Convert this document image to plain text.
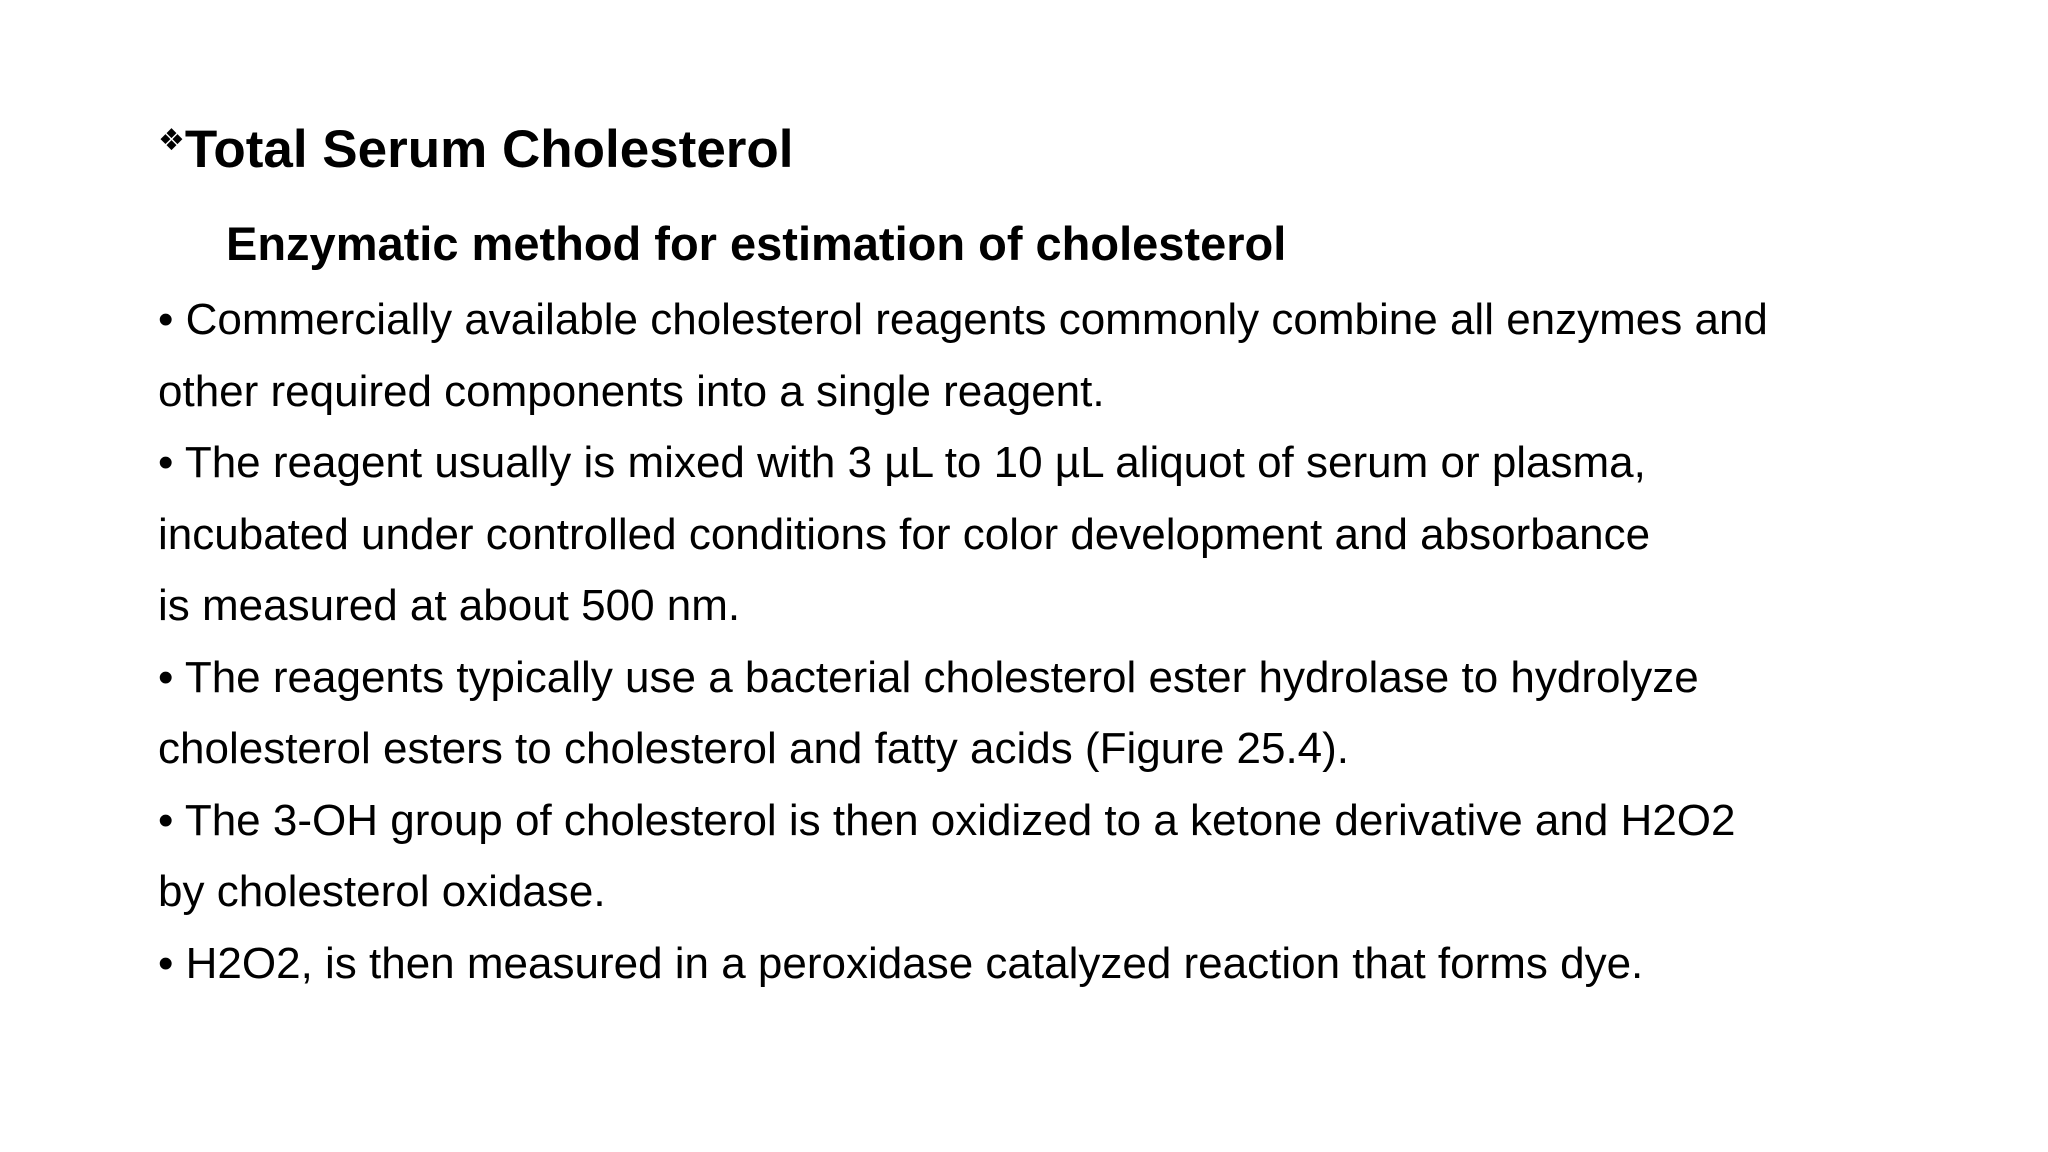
❖ Total Serum Cholesterol
Enzymatic method for estimation of cholesterol
• Commercially available cholesterol reagents commonly combine all enzymes and
other required components into a single reagent.
• The reagent usually is mixed with 3 µL to 10 µL aliquot of serum or plasma,
incubated under controlled conditions for color development and absorbance
is measured at about 500 nm.
• The reagents typically use a bacterial cholesterol ester hydrolase to hydrolyze
cholesterol esters to cholesterol and fatty acids (Figure 25.4).
• The 3-OH group of cholesterol is then oxidized to a ketone derivative and H2O2
by cholesterol oxidase.
• H2O2, is then measured in a peroxidase catalyzed reaction that forms dye.
